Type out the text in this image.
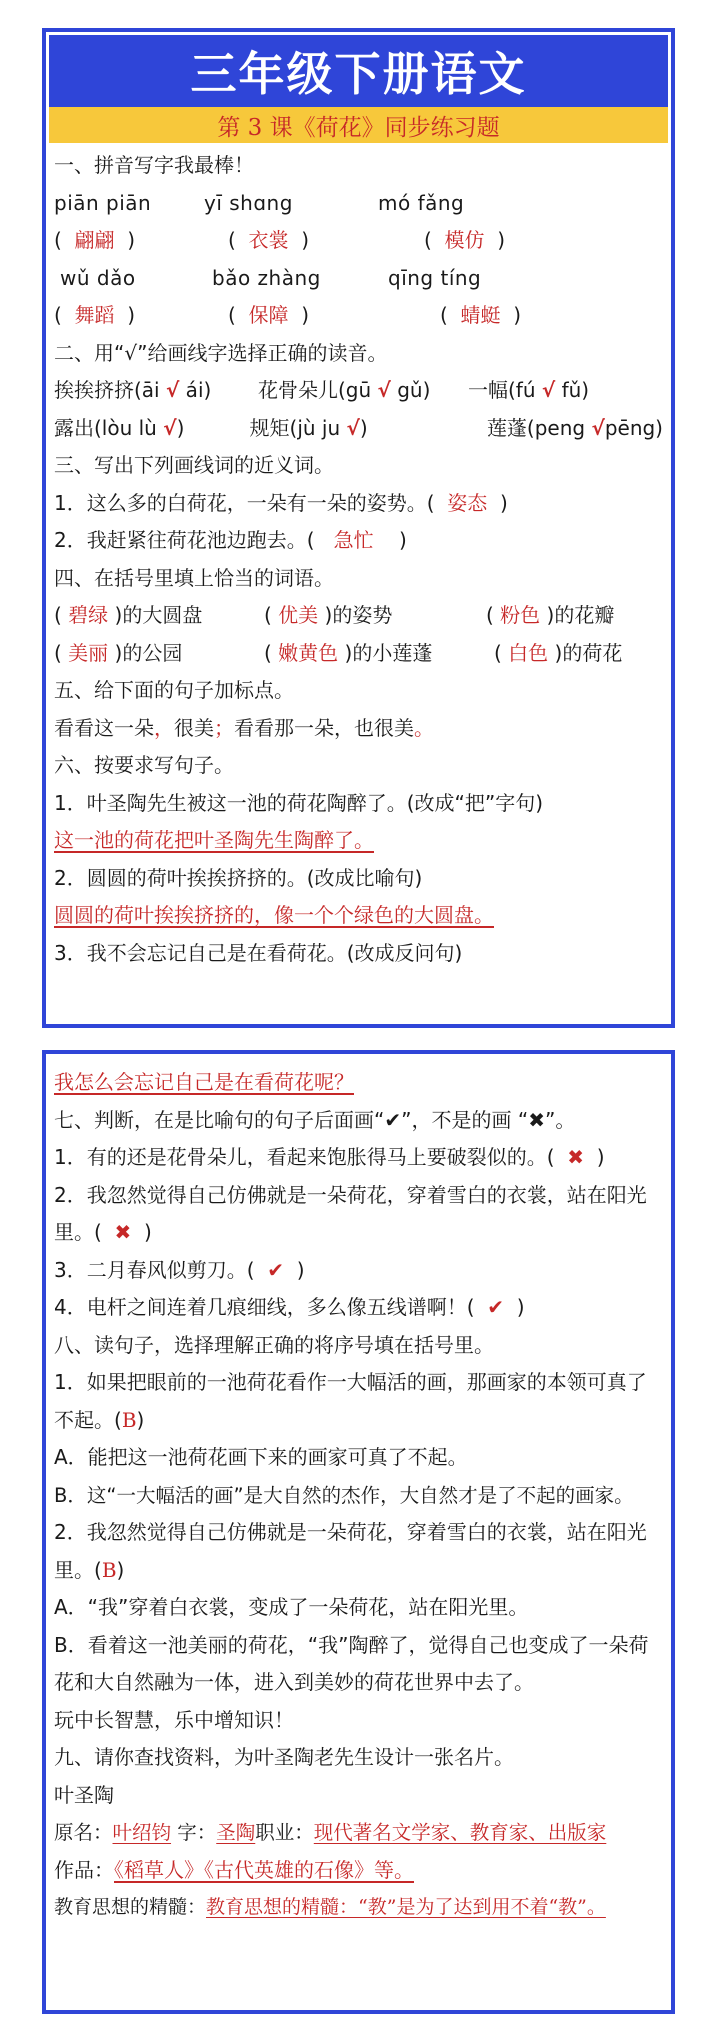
三年级下册语文
第 3 课《荷花》同步练习题
一、拼音写字我最棒！
piān piān	yī shɑng	mó fǎng
(  翩翩  )	(  衣裳  )	(  模仿  )
wǔ dǎo	bǎo zhàng	qīng tíng
(  舞蹈  )	(  保障  )	(  蜻蜓  )
二、用“√”给画线字选择正确的读音。
挨挨挤挤(āi √ ái)	花骨朵儿(gū √ gǔ)	一幅(fú √ fǔ)
露出(lòu lù √)	规矩(jù ju √)	莲蓬(peng √pēng)
三、写出下列画线词的近义词。
1．这么多的白荷花，一朵有一朵的姿势。( 姿态 )
2．我赶紧往荷花池边跑去。( 急忙 )
四、在括号里填上恰当的词语。
( 碧绿 )的大圆盘	( 优美 )的姿势	( 粉色 )的花瓣
( 美丽 )的公园	( 嫩黄色 )的小莲蓬	( 白色 )的荷花
五、给下面的句子加标点。
看看这一朵，很美；看看那一朵，也很美。
六、按要求写句子。
1．叶圣陶先生被这一池的荷花陶醉了。(改成“把”字句)
这一池的荷花把叶圣陶先生陶醉了。
2．圆圆的荷叶挨挨挤挤的。(改成比喻句)
圆圆的荷叶挨挨挤挤的，像一个个绿色的大圆盘。
3．我不会忘记自己是在看荷花。(改成反问句)
我怎么会忘记自己是在看荷花呢？
七、判断，在是比喻句的句子后面画“✔”，不是的画 “✖”。
1．有的还是花骨朵儿，看起来饱胀得马上要破裂似的。( ✖ )
2．我忽然觉得自己仿佛就是一朵荷花，穿着雪白的衣裳，站在阳光里。( ✖ )
3．二月春风似剪刀。( ✔ )
4．电杆之间连着几痕细线，多么像五线谱啊！( ✔ )
八、读句子，选择理解正确的将序号填在括号里。
1．如果把眼前的一池荷花看作一大幅活的画，那画家的本领可真了不起。(B)
A．能把这一池荷花画下来的画家可真了不起。
B．这“一大幅活的画”是大自然的杰作，大自然才是了不起的画家。
2．我忽然觉得自己仿佛就是一朵荷花，穿着雪白的衣裳，站在阳光里。(B)
A．“我”穿着白衣裳，变成了一朵荷花，站在阳光里。
B．看着这一池美丽的荷花，“我”陶醉了，觉得自己也变成了一朵荷花和大自然融为一体，进入到美妙的荷花世界中去了。
玩中长智慧，乐中增知识！
九、请你查找资料，为叶圣陶老先生设计一张名片。
叶圣陶
原名：叶绍钧 字：圣陶职业：现代著名文学家、教育家、出版家
作品：《稻草人》《古代英雄的石像》等。
教育思想的精髓：教育思想的精髓：“教”是为了达到用不着“教”。
